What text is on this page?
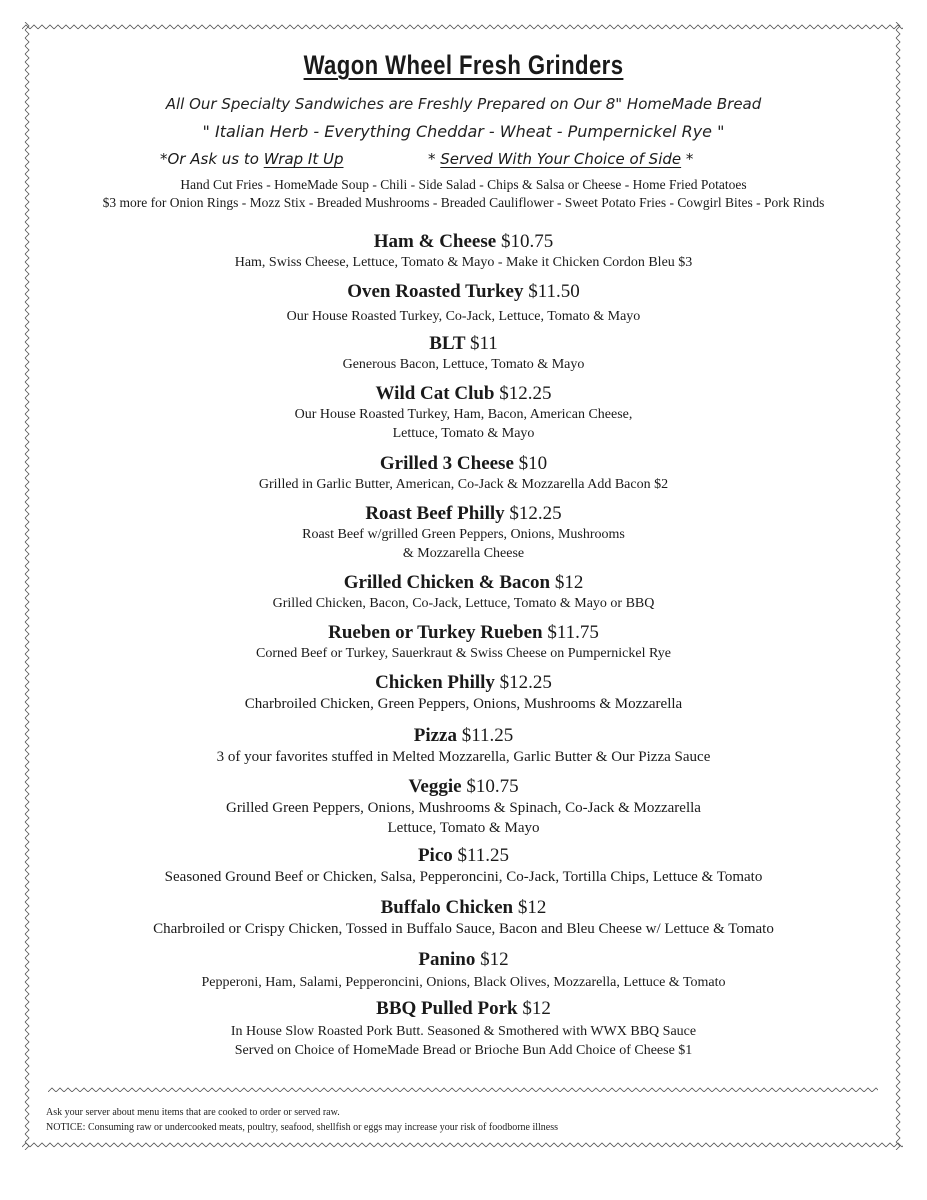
Wagon Wheel Fresh Grinders
All Our Specialty Sandwiches are Freshly Prepared on Our 8" HomeMade Bread
" Italian Herb - Everything Cheddar - Wheat - Pumpernickel Rye "
*Or Ask us to Wrap It Up	* Served With Your Choice of Side *
Hand Cut Fries - HomeMade Soup - Chili - Side Salad - Chips & Salsa or Cheese - Home Fried Potatoes
$3 more for Onion Rings - Mozz Stix - Breaded Mushrooms - Breaded Cauliflower - Sweet Potato Fries - Cowgirl Bites - Pork Rinds
Ham & Cheese $10.75
Ham, Swiss Cheese, Lettuce, Tomato & Mayo - Make it Chicken Cordon Bleu $3
Oven Roasted Turkey $11.50
Our House Roasted Turkey, Co-Jack, Lettuce, Tomato & Mayo
BLT $11
Generous Bacon, Lettuce, Tomato & Mayo
Wild Cat Club $12.25
Our House Roasted Turkey, Ham, Bacon, American Cheese,
Lettuce, Tomato & Mayo
Grilled 3 Cheese $10
Grilled in Garlic Butter, American, Co-Jack & Mozzarella Add Bacon $2
Roast Beef Philly $12.25
Roast Beef w/grilled Green Peppers, Onions, Mushrooms
& Mozzarella Cheese
Grilled Chicken & Bacon $12
Grilled Chicken, Bacon, Co-Jack, Lettuce, Tomato & Mayo or BBQ
Rueben or Turkey Rueben $11.75
Corned Beef or Turkey, Sauerkraut & Swiss Cheese on Pumpernickel Rye
Chicken Philly $12.25
Charbroiled Chicken, Green Peppers, Onions, Mushrooms & Mozzarella
Pizza $11.25
3 of your favorites stuffed in Melted Mozzarella, Garlic Butter & Our Pizza Sauce
Veggie $10.75
Grilled Green Peppers, Onions, Mushrooms & Spinach, Co-Jack & Mozzarella
Lettuce, Tomato & Mayo
Pico $11.25
Seasoned Ground Beef or Chicken, Salsa, Pepperoncini, Co-Jack, Tortilla Chips, Lettuce & Tomato
Buffalo Chicken $12
Charbroiled or Crispy Chicken, Tossed in Buffalo Sauce, Bacon and Bleu Cheese w/ Lettuce & Tomato
Panino $12
Pepperoni, Ham, Salami, Pepperoncini, Onions, Black Olives, Mozzarella, Lettuce & Tomato
BBQ Pulled Pork $12
In House Slow Roasted Pork Butt. Seasoned & Smothered with WWX BBQ Sauce
Served on Choice of HomeMade Bread or Brioche Bun Add Choice of Cheese $1
Ask your server about menu items that are cooked to order or served raw.
NOTICE: Consuming raw or undercooked meats, poultry, seafood, shellfish or eggs may increase your risk of foodborne illness
